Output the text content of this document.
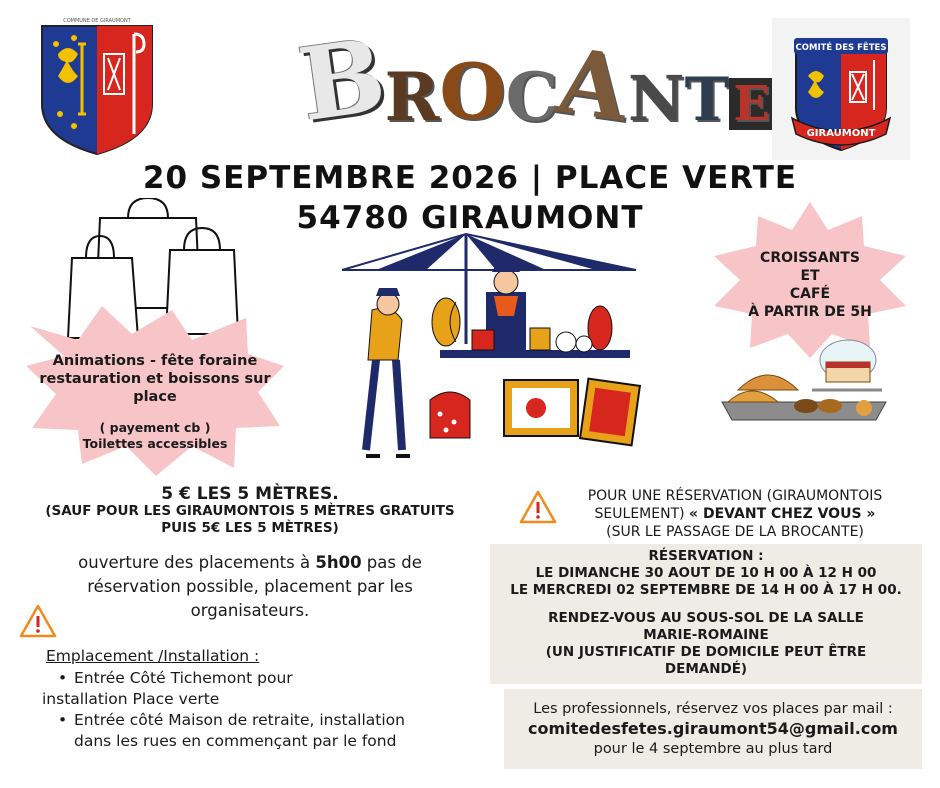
COMMUNE DE GIRAUMONT B
R O C
A
N T E
COMITÉ DES FÊTES
GIRAUMONT
20 SEPTEMBRE 2026 | PLACE VERTE
54780 GIRAUMONT
Animations - fête foraine restauration et boissons sur place
( payement cb )
Toilettes accessibles
CROISSANTS
ET
CAFÉ
À PARTIR DE 5H
5 € LES 5 MÈTRES.
(SAUF POUR LES GIRAUMONTOIS 5 MÈTRES GRATUITS
PUIS 5€ LES 5 MÈTRES)
ouverture des placements à 5h00 pas de réservation possible, placement par les organisateurs.
Emplacement /Installation :
• Entrée Côté Tichemont pour
installation Place verte
• Entrée côté Maison de retraite, installation dans les rues en commençant par le fond
POUR UNE RÉSERVATION (GIRAUMONTOIS
SEULEMENT) « DEVANT CHEZ VOUS »
(SUR LE PASSAGE DE LA BROCANTE)
RÉSERVATION :
LE DIMANCHE 30 AOUT DE 10 H 00 À 12 H 00
LE MERCREDI 02 SEPTEMBRE DE 14 H 00 À 17 H 00.
RENDEZ-VOUS AU SOUS-SOL DE LA SALLE
MARIE-ROMAINE
(UN JUSTIFICATIF DE DOMICILE PEUT ÊTRE
DEMANDÉ)
Les professionnels, réservez vos places par mail :
comitedesfetes.giraumont54@gmail.com
pour le 4 septembre au plus tard
